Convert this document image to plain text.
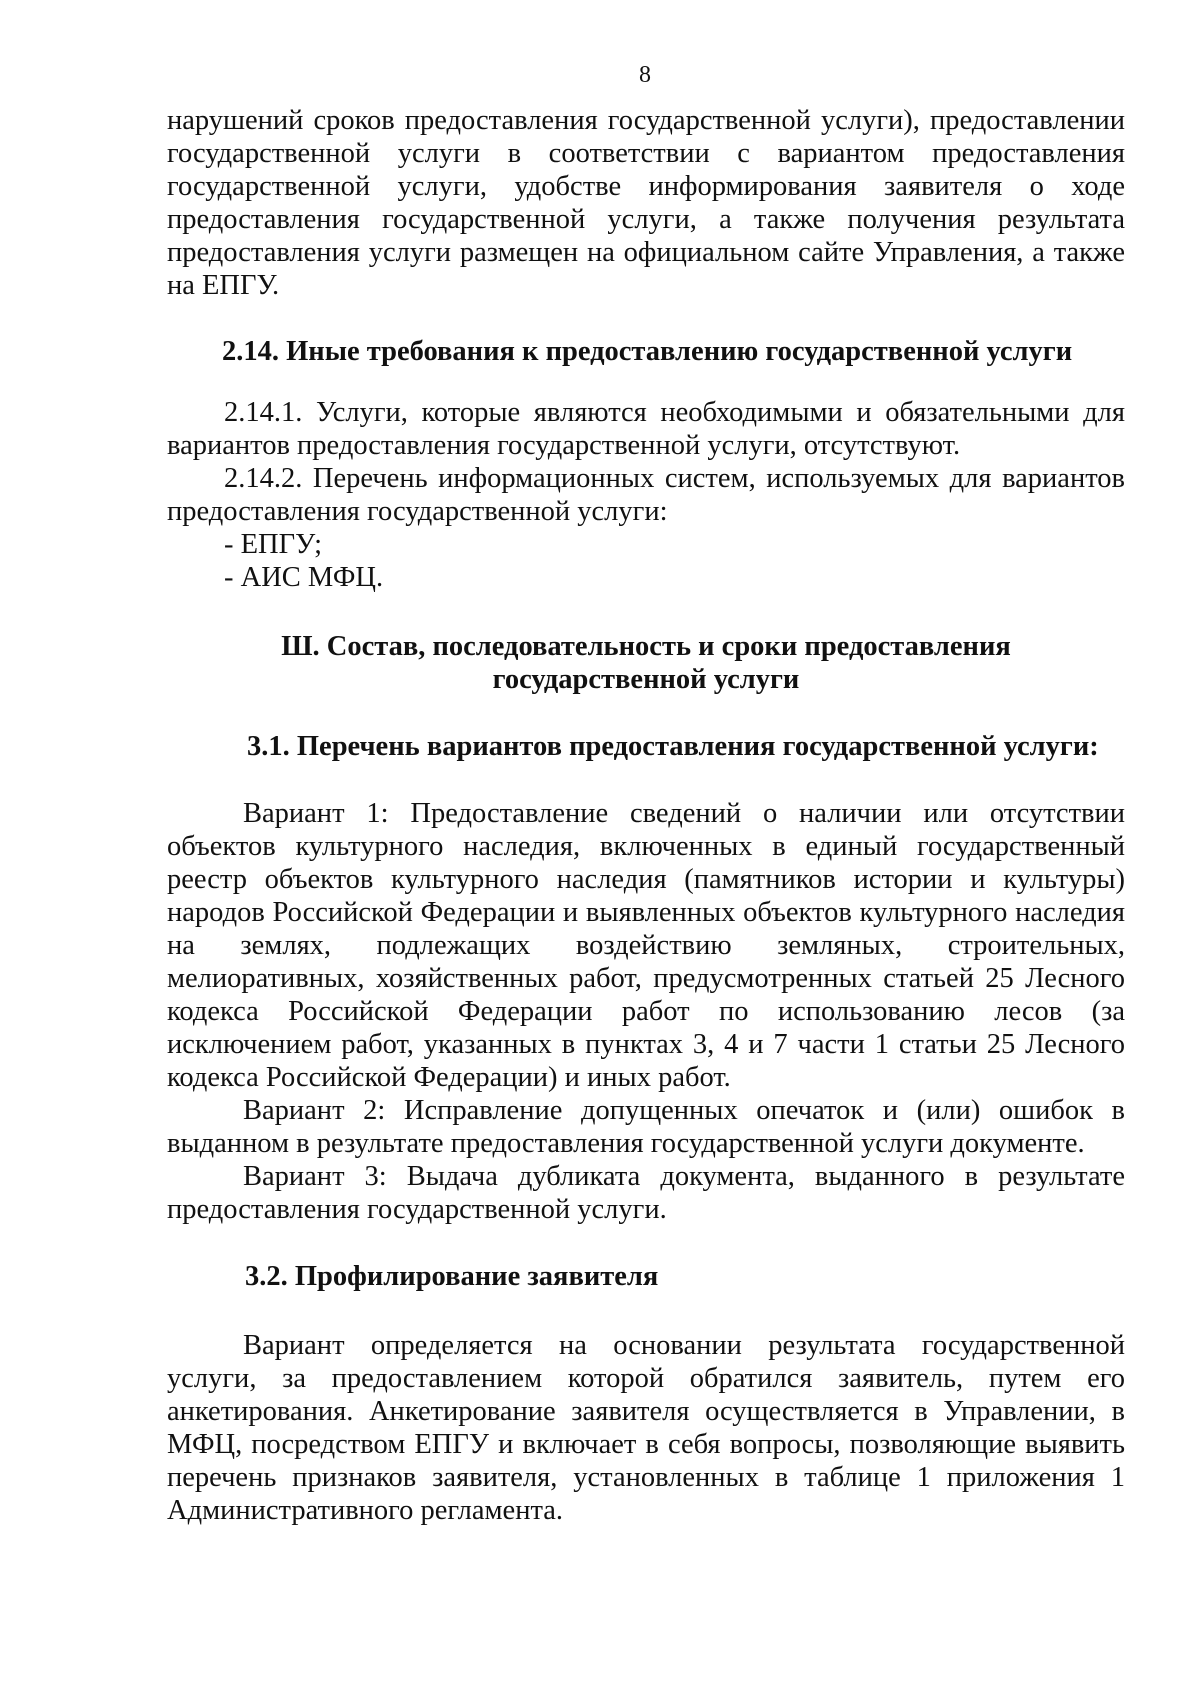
8

нарушений сроков предоставления государственной услуги), предоставлении государственной услуги в соответствии с вариантом предоставления государственной услуги, удобстве информирования заявителя о ходе предоставления государственной услуги, а также получения результата предоставления услуги размещен на официальном сайте Управления, а также на ЕПГУ.

2.14. Иные требования к предоставлению государственной услуги

2.14.1. Услуги, которые являются необходимыми и обязательными для вариантов предоставления государственной услуги, отсутствуют.

2.14.2. Перечень информационных систем, используемых для вариантов предоставления государственной услуги:

- ЕПГУ;

- АИС МФЦ.

Ш. Состав, последовательность и сроки предоставления
государственной услуги
3.1. Перечень вариантов предоставления государственной услуги:

Вариант 1: Предоставление сведений о наличии или отсутствии объектов культурного наследия, включенных в единый государственный реестр объектов культурного наследия (памятников истории и культуры) народов Российской Федерации и выявленных объектов культурного наследия на землях, подлежащих воздействию земляных, строительных, мелиоративных, хозяйственных работ, предусмотренных статьей 25 Лесного кодекса Российской Федерации работ по использованию лесов (за исключением работ, указанных в пунктах 3, 4 и 7 части 1 статьи 25 Лесного кодекса Российской Федерации) и иных работ.

Вариант 2: Исправление допущенных опечаток и (или) ошибок в выданном в результате предоставления государственной услуги документе.

Вариант 3: Выдача дубликата документа, выданного в результате предоставления государственной услуги.

3.2. Профилирование заявителя

Вариант определяется на основании результата государственной услуги, за предоставлением которой обратился заявитель, путем его анкетирования. Анкетирование заявителя осуществляется в Управлении, в МФЦ, посредством ЕПГУ и включает в себя вопросы, позволяющие выявить перечень признаков заявителя, установленных в таблице 1 приложения 1 Административного регламента.
